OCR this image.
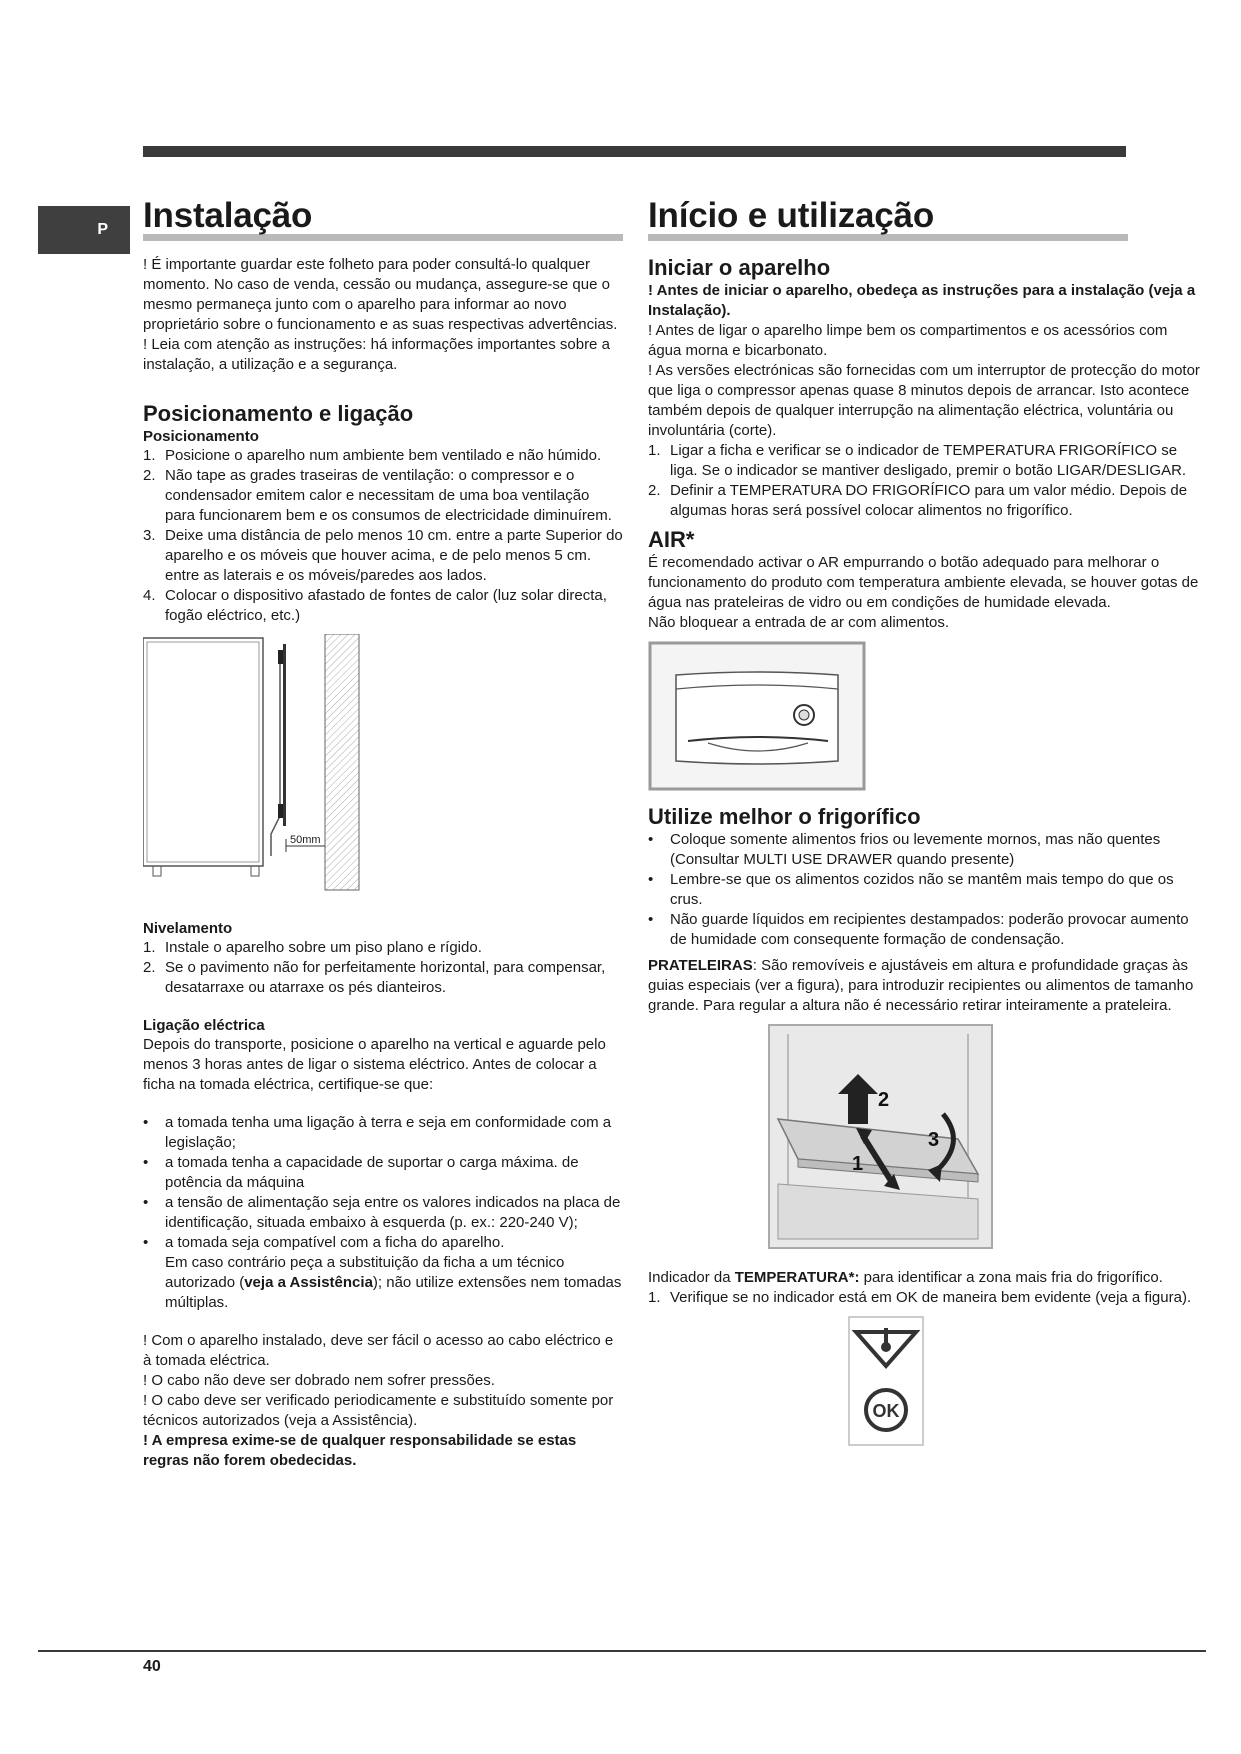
P Instalação

! É importante guardar este folheto para poder consultá-lo qualquer momento. No caso de venda, cessão ou mudança, assegure-se que o mesmo permaneça junto com o aparelho para informar ao novo proprietário sobre o funcionamento e as suas respectivas advertências.

! Leia com atenção as instruções: há informações importantes sobre a instalação, a utilização e a segurança.

Posicionamento e ligação
Posicionamento
1. Posicione o aparelho num ambiente bem ventilado e não húmido.
2. Não tape as grades traseiras de ventilação: o compressor e o condensador emitem calor e necessitam de uma boa ventilação para funcionarem bem e os consumos de electricidade diminuírem.
3. Deixe uma distância de pelo menos 10 cm. entre a parte Superior do aparelho e os móveis que houver acima, e de pelo menos 5 cm. entre as laterais e os móveis/paredes aos lados.
4. Colocar o dispositivo afastado de fontes de calor (luz solar directa, fogão eléctrico, etc.)
50mm
Nivelamento
1. Instale o aparelho sobre um piso plano e rígido.
2. Se o pavimento não for perfeitamente horizontal, para compensar, desatarraxe ou atarraxe os pés dianteiros.
Ligação eléctrica

Depois do transporte, posicione o aparelho na vertical e aguarde pelo menos 3 horas antes de ligar o sistema eléctrico. Antes de colocar a ficha na tomada eléctrica, certifique-se que:

•	a tomada tenha uma ligação à terra e seja em conformidade com a legislação;
•	a tomada tenha a capacidade de suportar o carga máxima. de potência da máquina
•	a tensão de alimentação seja entre os valores indicados na placa de identificação, situada embaixo à esquerda (p. ex.: 220-240 V);
•	a tomada seja compatível com a ficha do aparelho.

Em caso contrário peça a substituição da ficha a um técnico autorizado (veja a Assistência); não utilize extensões nem tomadas múltiplas.

! Com o aparelho instalado, deve ser fácil o acesso ao cabo eléctrico e à tomada eléctrica.

! O cabo não deve ser dobrado nem sofrer pressões.

! O cabo deve ser verificado periodicamente e substituído somente por técnicos autorizados (veja a Assistência).

! A empresa exime-se de qualquer responsabilidade se estas regras não forem obedecidas.

Início e utilização
Iniciar o aparelho

! Antes de iniciar o aparelho, obedeça as instruções para a instalação (veja a Instalação).

! Antes de ligar o aparelho limpe bem os compartimentos e os acessórios com água morna e bicarbonato.

! As versões electrónicas são fornecidas com um interruptor de protecção do motor que liga o compressor apenas quase 8 minutos depois de arrancar. Isto acontece também depois de qualquer interrupção na alimentação eléctrica, voluntária ou involuntária (corte).

1. Ligar a ficha e verificar se o indicador de TEMPERATURA FRIGORÍFICO se liga. Se o indicador se mantiver desligado, premir o botão LIGAR/DESLIGAR.
2. Definir a TEMPERATURA DO FRIGORÍFICO para um valor médio. Depois de algumas horas será possível colocar alimentos no frigorífico.
AIR*

É recomendado activar o AR empurrando o botão adequado para melhorar o funcionamento do produto com temperatura ambiente elevada, se houver gotas de água nas prateleiras de vidro ou em condições de humidade elevada.

Não bloquear a entrada de ar com alimentos.

Utilize melhor o frigorífico
•	Coloque somente alimentos frios ou levemente mornos, mas não quentes (Consultar MULTI USE DRAWER quando presente)
•	Lembre-se que os alimentos cozidos não se mantêm mais tempo do que os crus.
•	Não guarde líquidos em recipientes destampados: poderão provocar aumento de humidade com consequente formação de condensação.

PRATELEIRAS: São removíveis e ajustáveis em altura e profundidade graças às guias especiais (ver a figura), para introduzir recipientes ou alimentos de tamanho grande. Para regular a altura não é necessário retirar inteiramente a prateleira.

1
2
3

Indicador da TEMPERATURA*: para identificar a zona mais fria do frigorífico.

1. Verifique se no indicador está em OK de maneira bem evidente (veja a figura).
OK
40
